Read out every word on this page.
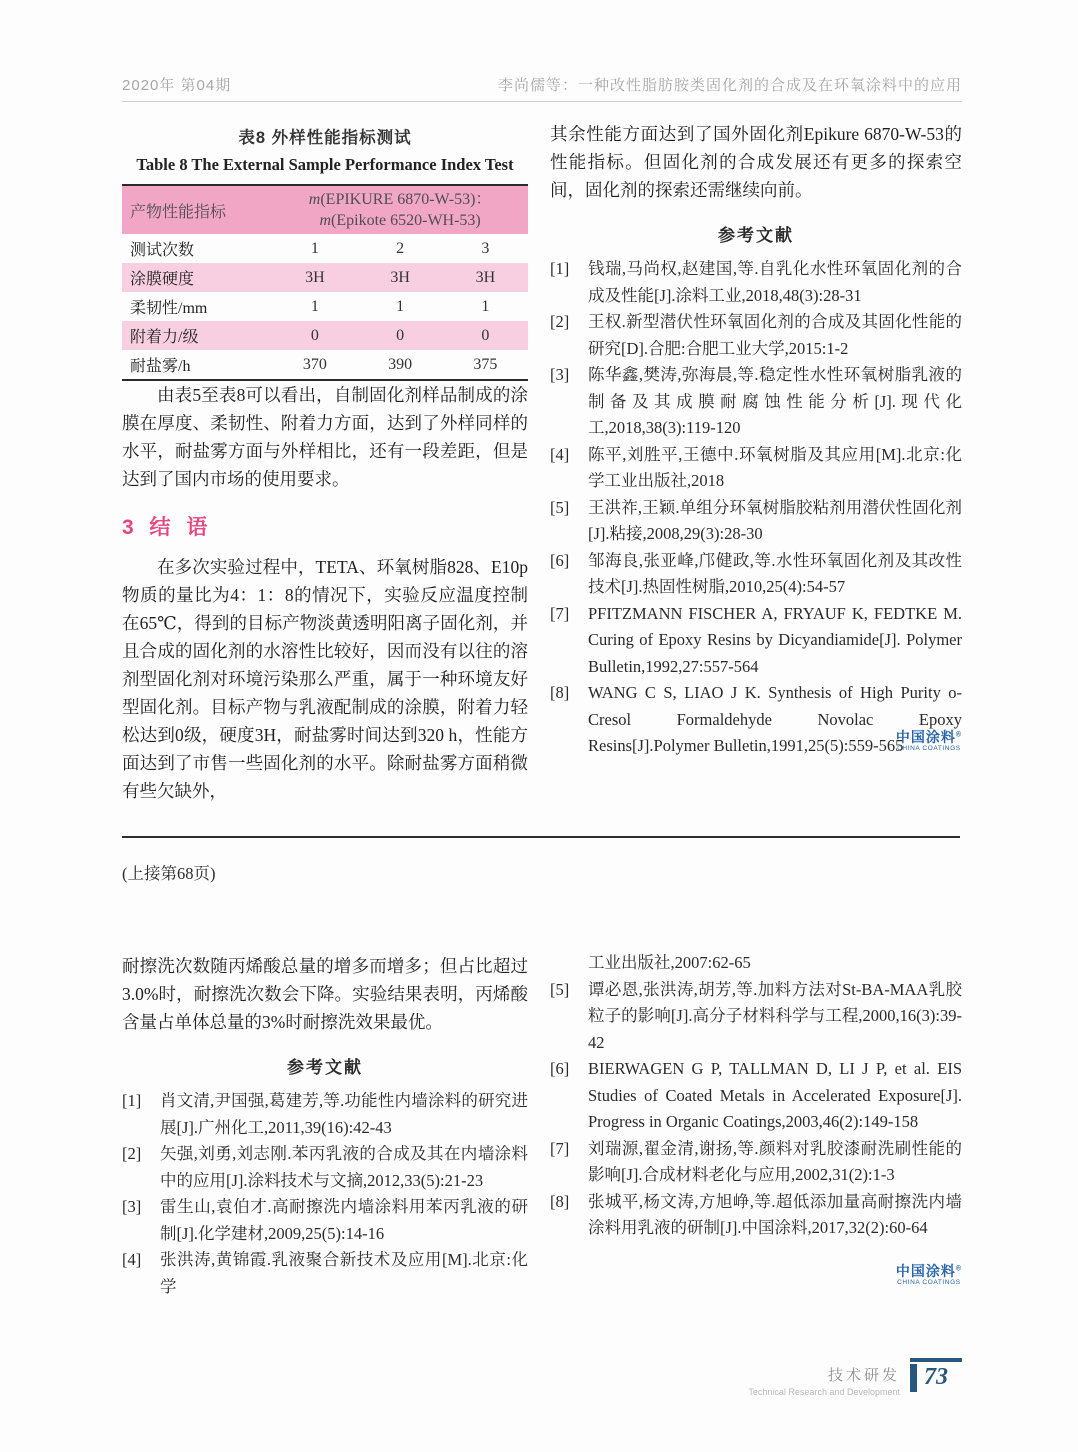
2020年 第04期	李尚儒等：一种改性脂肪胺类固化剂的合成及在环氧涂料中的应用
表8 外样性能指标测试
Table 8 The External Sample Performance Index Test
产物性能指标	m(EPIKURE 6870-W-53)：
m(Epikote 6520-WH-53)		

测试次数	1	2	3
涂膜硬度	3H	3H	3H
柔韧性/mm	1	1	1
附着力/级	0	0	0
耐盐雾/h	370	390	375

由表5至表8可以看出，自制固化剂样品制成的涂膜在厚度、柔韧性、附着力方面，达到了外样同样的水平，耐盐雾方面与外样相比，还有一段差距，但是达到了国内市场的使用要求。

3 结 语

在多次实验过程中，TETA、环氧树脂828、E10p物质的量比为4：1：8的情况下，实验反应温度控制在65℃，得到的目标产物淡黄透明阳离子固化剂，并且合成的固化剂的水溶性比较好，因而没有以往的溶剂型固化剂对环境污染那么严重，属于一种环境友好型固化剂。目标产物与乳液配制成的涂膜，附着力轻松达到0级，硬度3H，耐盐雾时间达到320 h，性能方面达到了市售一些固化剂的水平。除耐盐雾方面稍微有些欠缺外，

其余性能方面达到了国外固化剂Epikure 6870-W-53的性能指标。但固化剂的合成发展还有更多的探索空间，固化剂的探索还需继续向前。

参考文献
[1]	钱瑞,马尚权,赵建国,等.自乳化水性环氧固化剂的合成及性能[J].涂料工业,2018,48(3):28-31
[2]	王权.新型潜伏性环氧固化剂的合成及其固化性能的研究[D].合肥:合肥工业大学,2015:1-2
[3]	陈华鑫,樊涛,弥海晨,等.稳定性水性环氧树脂乳液的制备及其成膜耐腐蚀性能分析[J].现代化工,2018,38(3):119-120
[4]	陈平,刘胜平,王德中.环氧树脂及其应用[M].北京:化学工业出版社,2018
[5]	王洪祚,王颖.单组分环氧树脂胶粘剂用潜伏性固化剂[J].粘接,2008,29(3):28-30
[6]	邹海良,张亚峰,邝健政,等.水性环氧固化剂及其改性技术[J].热固性树脂,2010,25(4):54-57
[7]	PFITZMANN FISCHER A, FRYAUF K, FEDTKE M. Curing of Epoxy Resins by Dicyandiamide[J]. Polymer Bulletin,1992,27:557-564
[8]	WANG C S, LIAO J K. Synthesis of High Purity o-Cresol Formaldehyde Novolac Epoxy Resins[J].Polymer Bulletin,1991,25(5):559-565
中国涂料®
CHINA COATINGS
(上接第68页)

耐擦洗次数随丙烯酸总量的增多而增多；但占比超过3.0%时，耐擦洗次数会下降。实验结果表明，丙烯酸含量占单体总量的3%时耐擦洗效果最优。

参考文献
[1]	肖文清,尹国强,葛建芳,等.功能性内墙涂料的研究进展[J].广州化工,2011,39(16):42-43
[2]	矢强,刘勇,刘志刚.苯丙乳液的合成及其在内墙涂料中的应用[J].涂料技术与文摘,2012,33(5):21-23
[3]	雷生山,袁伯才.高耐擦洗内墙涂料用苯丙乳液的研制[J].化学建材,2009,25(5):14-16
[4]	张洪涛,黄锦霞.乳液聚合新技术及应用[M].北京:化学
工业出版社,2007:62-65
[5]	谭必恩,张洪涛,胡芳,等.加料方法对St-BA-MAA乳胶粒子的影响[J].高分子材料科学与工程,2000,16(3):39-42
[6]	BIERWAGEN G P, TALLMAN D, LI J P, et al. EIS Studies of Coated Metals in Accelerated Exposure[J]. Progress in Organic Coatings,2003,46(2):149-158
[7]	刘瑞源,翟金清,谢扬,等.颜料对乳胶漆耐洗刷性能的影响[J].合成材料老化与应用,2002,31(2):1-3
[8]	张城平,杨文涛,方旭峥,等.超低添加量高耐擦洗内墙涂料用乳液的研制[J].中国涂料,2017,32(2):60-64
中国涂料®
CHINA COATINGS
技术研发
Technical Research and Development
73
